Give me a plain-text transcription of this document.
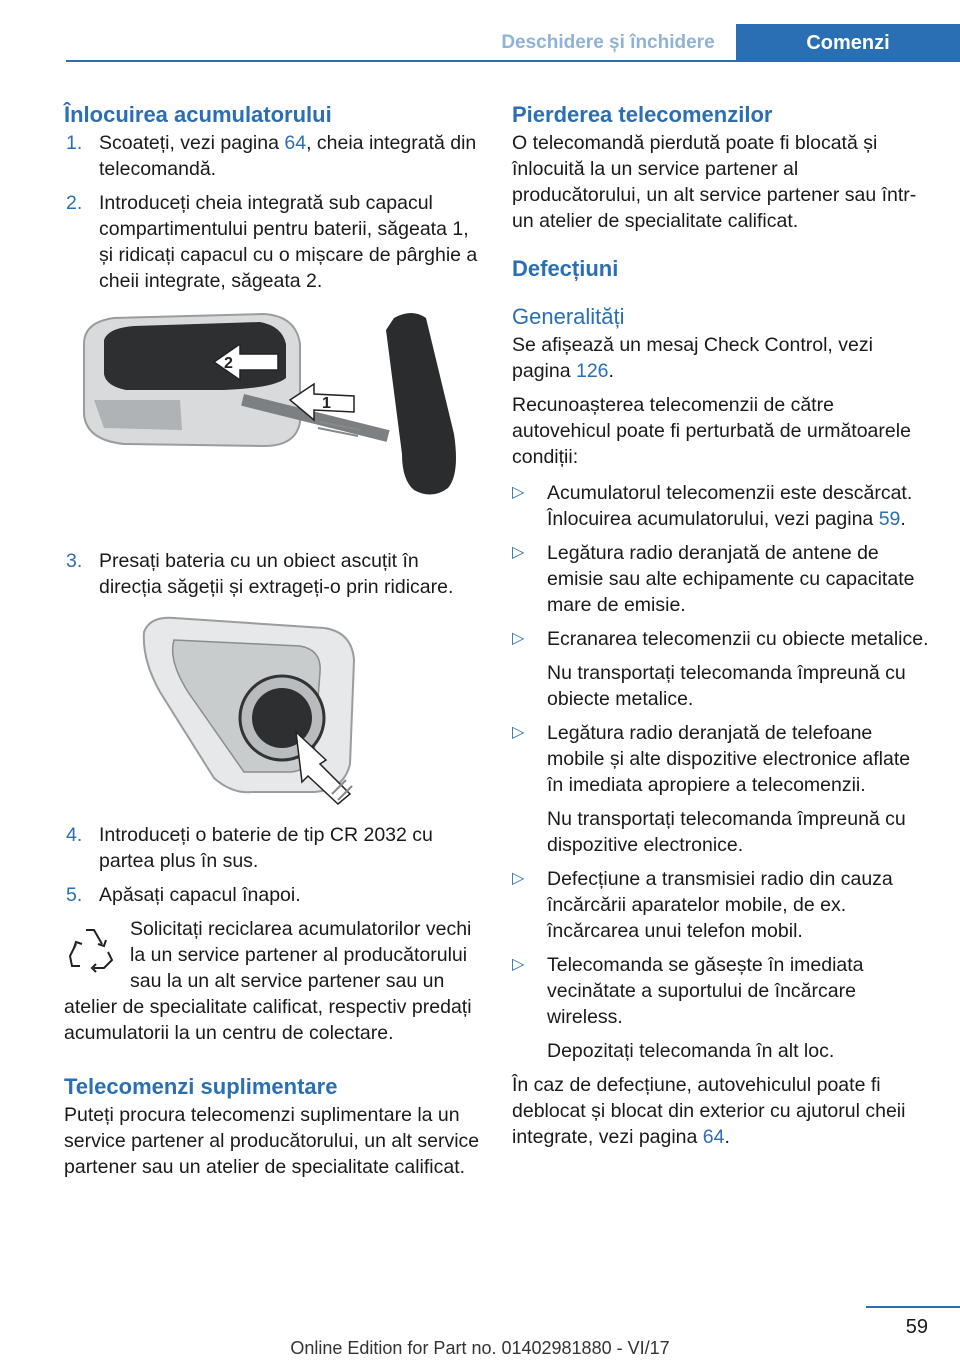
Deschidere și închidere	Comenzi
Înlocuirea acumulatorului
1. Scoateți, vezi pagina 64, cheia integrată din telecomandă.
2. Introduceți cheia integrată sub capacul compartimentului pentru baterii, săgeata 1, și ridicați capacul cu o mișcare de pârghie a cheii integrate, săgeata 2.
2
1
3. Presați bateria cu un obiect ascuțit în direcția săgeții și extrageți-o prin ridicare.
4. Introduceți o baterie de tip CR 2032 cu partea plus în sus.
5. Apăsați capacul înapoi.
Solicitați reciclarea acumulatorilor vechi la un service partener al producătorului sau la un alt service partener sau un atelier de specialitate calificat, respectiv predați acumulatorii la un centru de colectare.
Telecomenzi suplimentare

Puteți procura telecomenzi suplimentare la un service partener al producătorului, un alt service partener sau un atelier de specialitate calificat.

Pierderea telecomenzilor

O telecomandă pierdută poate fi blocată și înlocuită la un service partener al producătorului, un alt service partener sau într-un atelier de specialitate calificat.

Defecțiuni
Generalități

Se afișează un mesaj Check Control, vezi pagina 126.

Recunoașterea telecomenzii de către autovehicul poate fi perturbată de următoarele condiții:

▷ Acumulatorul telecomenzii este descărcat.
Înlocuirea acumulatorului, vezi pagina 59.
▷ Legătura radio deranjată de antene de emisie sau alte echipamente cu capacitate mare de emisie.
▷ Ecranarea telecomenzii cu obiecte metalice.

Nu transportați telecomanda împreună cu obiecte metalice.

▷ Legătura radio deranjată de telefoane mobile și alte dispozitive electronice aflate în imediata apropiere a telecomenzii.

Nu transportați telecomanda împreună cu dispozitive electronice.

▷ Defecțiune a transmisiei radio din cauza încărcării aparatelor mobile, de ex. încărcarea unui telefon mobil.
▷ Telecomanda se găsește în imediata vecinătate a suportului de încărcare wireless.

Depozitați telecomanda în alt loc.

În caz de defecțiune, autovehiculul poate fi deblocat și blocat din exterior cu ajutorul cheii integrate, vezi pagina 64.

59
Online Edition for Part no. 01402981880 - VI/17
